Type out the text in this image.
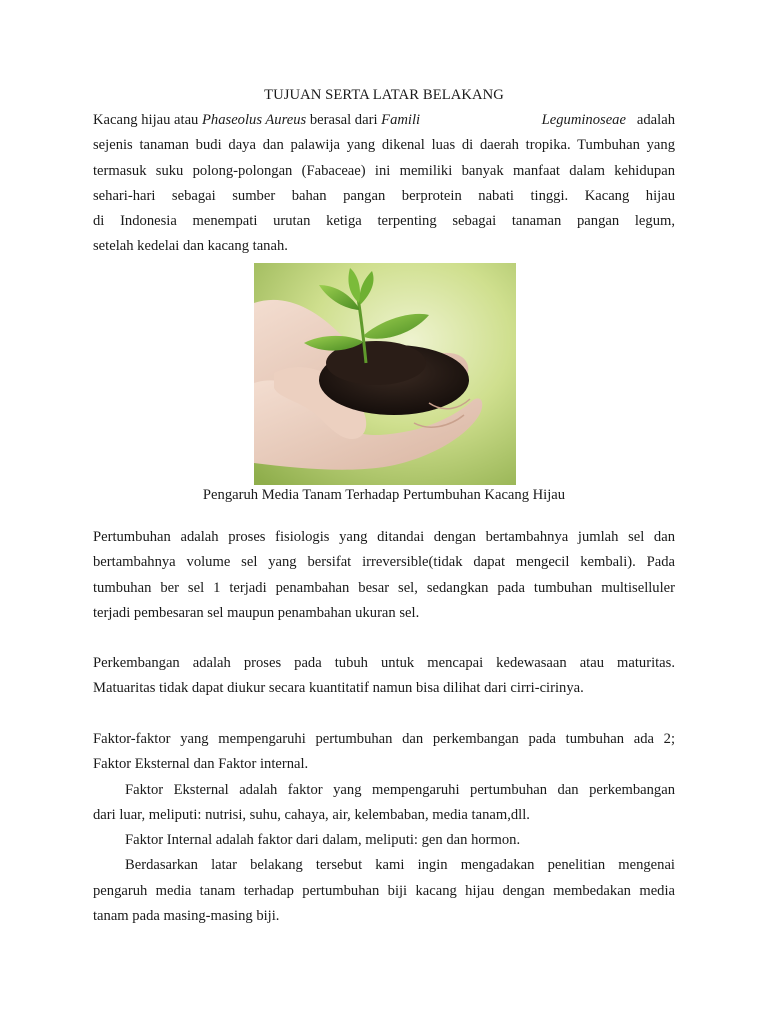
TUJUAN SERTA LATAR BELAKANG
Kacang hijau atau Phaseolus Aureus berasal dari Famili	Leguminoseae adalah
sejenis tanaman budi daya dan palawija yang dikenal luas di daerah tropika. Tumbuhan yang
termasuk suku polong-polongan (Fabaceae) ini memiliki banyak manfaat dalam kehidupan
sehari-hari sebagai sumber bahan pangan berprotein nabati tinggi. Kacang hijau
di Indonesia menempati urutan ketiga terpenting sebagai tanaman pangan legum,
setelah kedelai dan kacang tanah.
Pengaruh Media Tanam Terhadap Pertumbuhan Kacang Hijau
Pertumbuhan adalah proses fisiologis yang ditandai dengan bertambahnya jumlah sel dan
bertambahnya volume sel yang bersifat irreversible(tidak dapat mengecil kembali). Pada
tumbuhan ber sel 1 terjadi penambahan besar sel, sedangkan pada tumbuhan multiselluler
terjadi pembesaran sel maupun penambahan ukuran sel.
Perkembangan adalah proses pada tubuh untuk mencapai kedewasaan atau maturitas.
Matuaritas tidak dapat diukur secara kuantitatif namun bisa dilihat dari cirri-cirinya.
Faktor-faktor yang mempengaruhi pertumbuhan dan perkembangan pada tumbuhan ada 2;
Faktor Eksternal dan Faktor internal.
Faktor Eksternal adalah faktor yang mempengaruhi pertumbuhan dan perkembangan
dari luar, meliputi: nutrisi, suhu, cahaya, air, kelembaban, media tanam,dll.
Faktor Internal adalah faktor dari dalam, meliputi: gen dan hormon.
Berdasarkan latar belakang tersebut kami ingin mengadakan penelitian mengenai
pengaruh media tanam terhadap pertumbuhan biji kacang hijau dengan membedakan media
tanam pada masing-masing biji.
